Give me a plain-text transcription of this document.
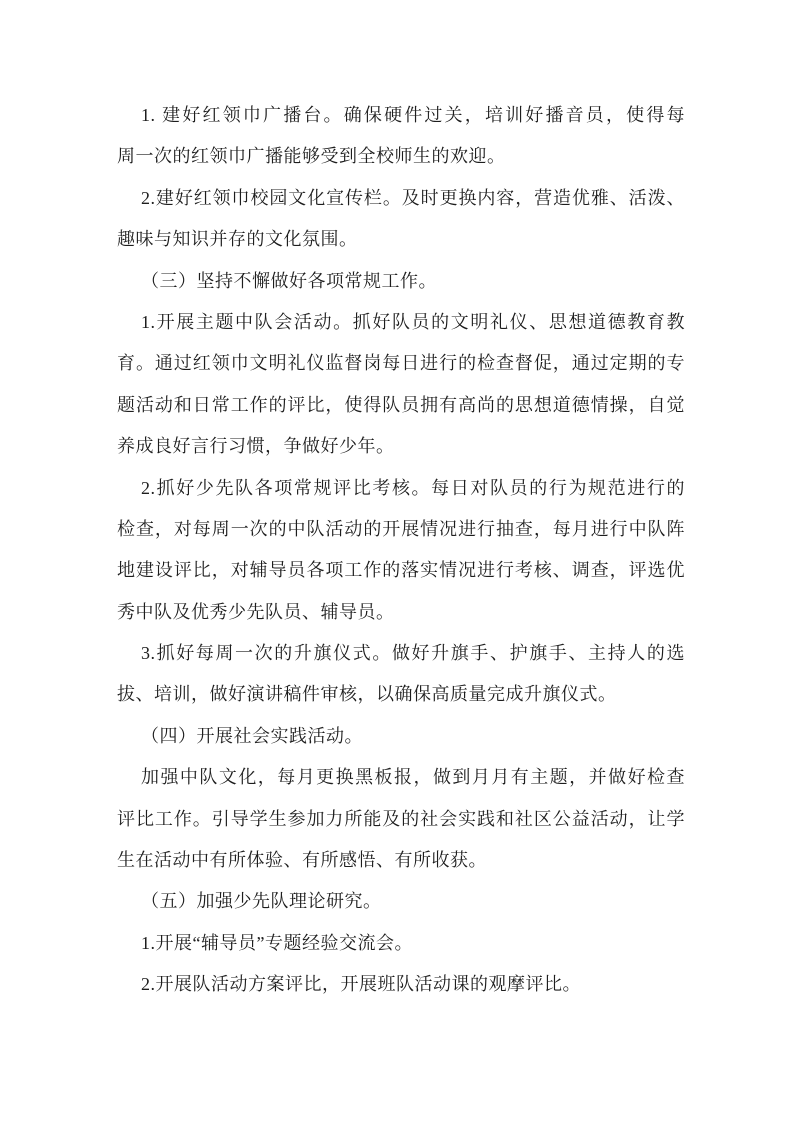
1. 建好红领巾广播台。确保硬件过关，培训好播音员，使得每
周一次的红领巾广播能够受到全校师生的欢迎。
2.建好红领巾校园文化宣传栏。及时更换内容，营造优雅、活泼、
趣味与知识并存的文化氛围。
（三）坚持不懈做好各项常规工作。
1.开展主题中队会活动。抓好队员的文明礼仪、思想道德教育教
育。通过红领巾文明礼仪监督岗每日进行的检查督促，通过定期的专
题活动和日常工作的评比，使得队员拥有高尚的思想道德情操，自觉
养成良好言行习惯，争做好少年。
2.抓好少先队各项常规评比考核。每日对队员的行为规范进行的
检查，对每周一次的中队活动的开展情况进行抽查，每月进行中队阵
地建设评比，对辅导员各项工作的落实情况进行考核、调查，评选优
秀中队及优秀少先队员、辅导员。
3.抓好每周一次的升旗仪式。做好升旗手、护旗手、主持人的选
拔、培训，做好演讲稿件审核，以确保高质量完成升旗仪式。
（四）开展社会实践活动。
加强中队文化，每月更换黑板报，做到月月有主题，并做好检查
评比工作。引导学生参加力所能及的社会实践和社区公益活动，让学
生在活动中有所体验、有所感悟、有所收获。
（五）加强少先队理论研究。
1.开展“辅导员”专题经验交流会。
2.开展队活动方案评比，开展班队活动课的观摩评比。
